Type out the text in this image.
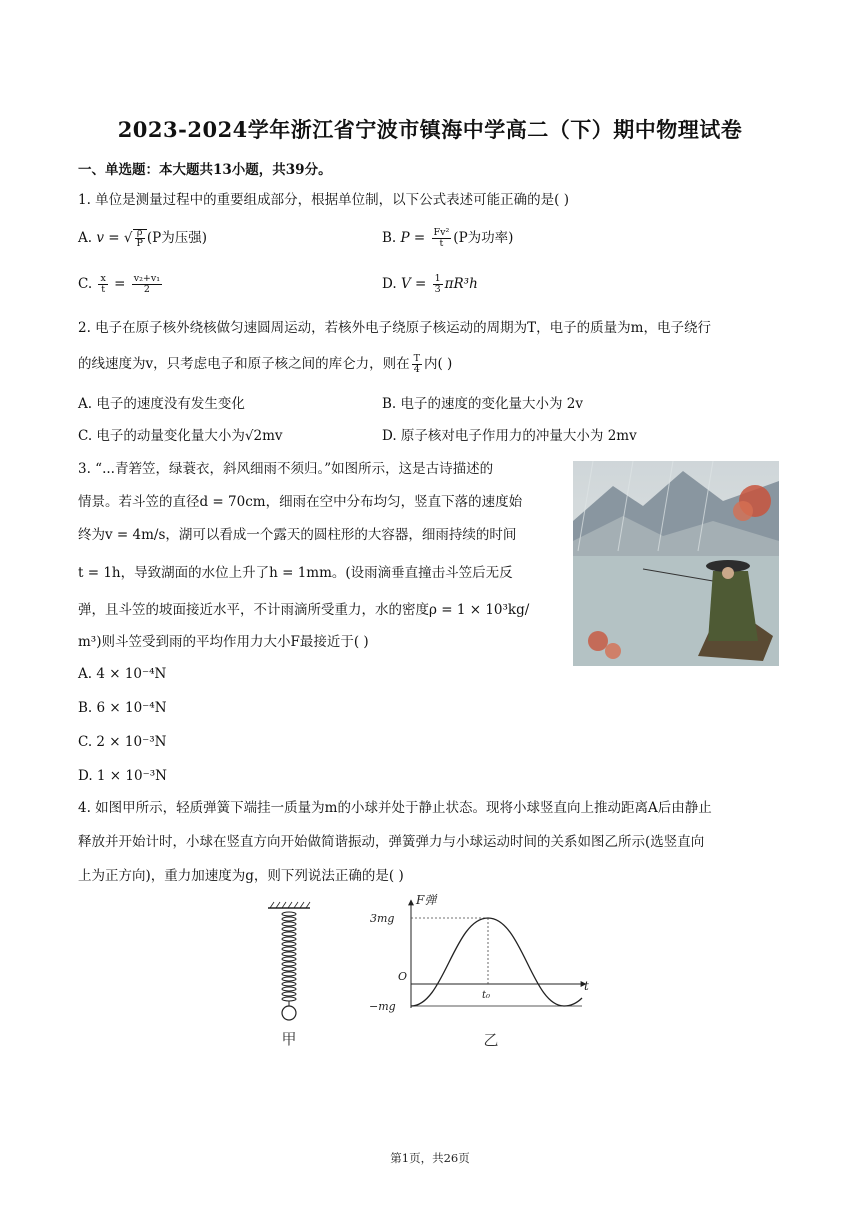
2023-2024学年浙江省宁波市镇海中学高二（下）期中物理试卷
一、单选题：本大题共13小题，共39分。
1. 单位是测量过程中的重要组成部分，根据单位制，以下公式表述可能正确的是( )
A. v = √ $\frac{\rho}{P} (P$为压强)	B. $P = \frac{\text{Fv²}}{t} (P$为功率)
C. $\frac{x}{t} = \frac{\text{v₂+v₁}}{2}$	D. $V = \frac{1}{3} \pi R^3h$
2. 电子在原子核外绕核做匀速圆周运动，若核外电子绕原子核运动的周期为T，电子的质量为m，电子绕行
的线速度为v，只考虑电子和原子核之间的库仑力，则在 $\frac{T}{4}$ 内( )
A. 电子的速度没有发生变化	B. 电子的速度的变化量大小为 2v
C. 电子的动量变化量大小为√2mv	D. 原子核对电子作用力的冲量大小为 2mv
3. “...青箬笠，绿蓑衣，斜风细雨不须归。”如图所示，这是古诗描述的
情景。若斗笠的直径d = 70cm，细雨在空中分布均匀，竖直下落的速度始
终为v = 4m/s，湖可以看成一个露天的圆柱形的大容器，细雨持续的时间
t = 1h，导致湖面的水位上升了h = 1mm。(设雨滴垂直撞击斗笠后无反
弹，且斗笠的坡面接近水平，不计雨滴所受重力，水的密度ρ = 1 × 10³kg/
m³)则斗笠受到雨的平均作用力大小F最接近于( )
A. 4 × 10⁻⁴N
B. 6 × 10⁻⁴N
C. 2 × 10⁻³N
D. 1 × 10⁻³N
4. 如图甲所示，轻质弹簧下端挂一质量为m的小球并处于静止状态。现将小球竖直向上推动距离A后由静止
释放并开始计时，小球在竖直方向开始做简谐振动，弹簧弹力与小球运动时间的关系如图乙所示(选竖直向
上为正方向)，重力加速度为g，则下列说法正确的是( )
甲
F弹
t
3mg
O
−mg
t₀
乙
第1页，共26页
